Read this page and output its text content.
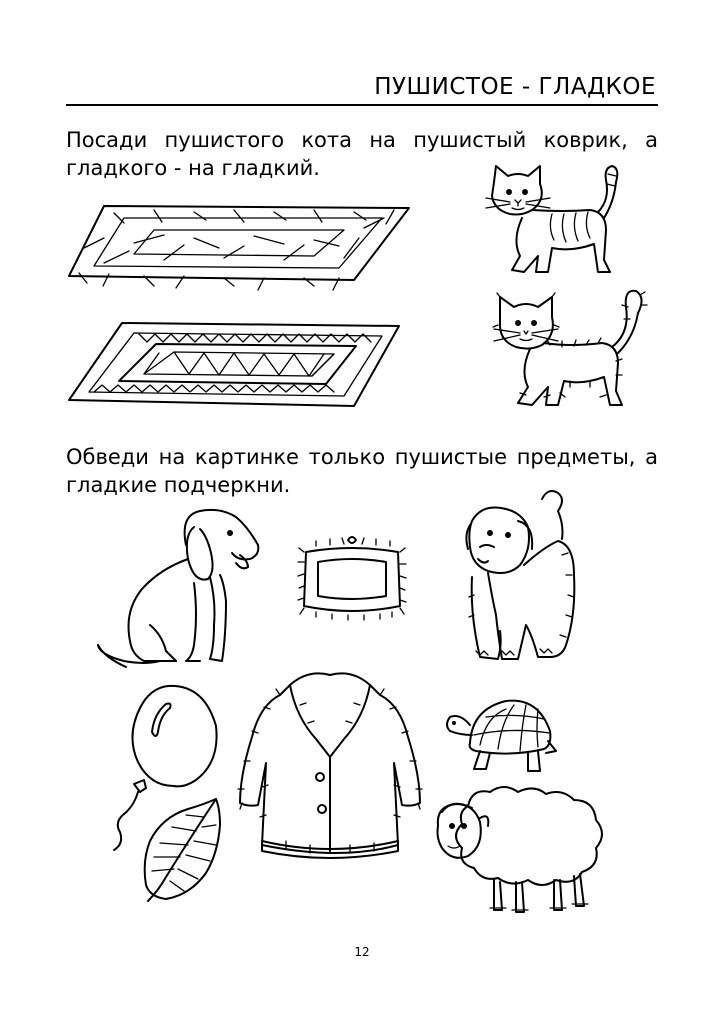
ПУШИСТОЕ - ГЛАДКОЕ
Посади пушистого кота на пушистый коврик, а
гладкого - на гладкий.
Обведи на картинке только пушистые предметы, а
гладкие подчеркни.
12
